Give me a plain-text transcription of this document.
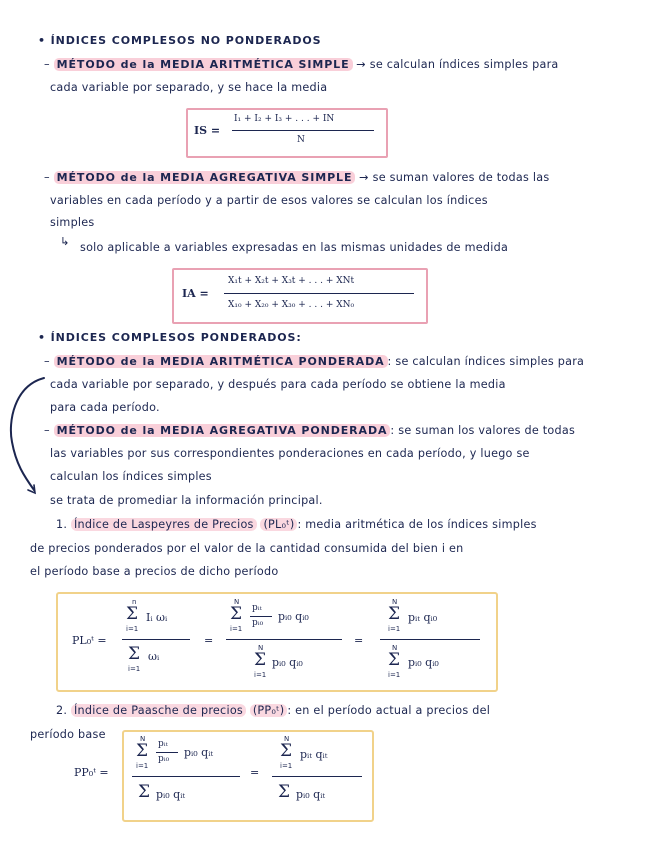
• ÍNDICES COMPLESOS NO PONDERADOS
– MÉTODO de la MEDIA ARITMÉTICA SIMPLE → se calculan índices simples para
cada variable por separado, y se hace la media
IS =
I₁ + I₂ + I₃ + . . . + IN
N
– MÉTODO de la MEDIA AGREGATIVA SIMPLE → se suman valores de todas las
variables en cada período y a partir de esos valores se calculan los índices
simples
↳ solo aplicable a variables expresadas en las mismas unidades de medida
IA =
X₁t + X₂t + X₃t + . . . + XNt
X₁₀ + X₂₀ + X₃₀ + . . . + XN₀
• ÍNDICES COMPLESOS PONDERADOS:
– MÉTODO de la MEDIA ARITMÉTICA PONDERADA : se calculan índices simples para
cada variable por separado, y después para cada período se obtiene la media
para cada período.
– MÉTODO de la MEDIA AGREGATIVA PONDERADA : se suman los valores de todas
las variables por sus correspondientes ponderaciones en cada período, y luego se
calculan los índices simples
se trata de promediar la información principal.
1. Índice de Laspeyres de Precios (PL₀ᵗ) : media aritmética de los índices simples
de precios ponderados por el valor de la cantidad consumida del bien i en
el período base a precios de dicho período
PL₀ᵗ =
n
Σ
i=1
Iᵢ ωᵢ
Σ
i=1
ωᵢ
=
N
Σ
i=1
pᵢₜ
pᵢ₀ pᵢ₀ qᵢ₀
N
Σ
i=1
pᵢ₀ qᵢ₀
=
N
Σ
i=1
pᵢₜ qᵢ₀
N
Σ
i=1
pᵢ₀ qᵢ₀
2. Índice de Paasche de precios (PP₀ᵗ) : en el período actual a precios del
período base
PP₀ᵗ =
N
Σ
i=1
pᵢₜ
pᵢ₀ pᵢ₀ qᵢₜ
Σ pᵢ₀ qᵢₜ
=
N
Σ
i=1
pᵢₜ qᵢₜ
Σ pᵢ₀ qᵢₜ
